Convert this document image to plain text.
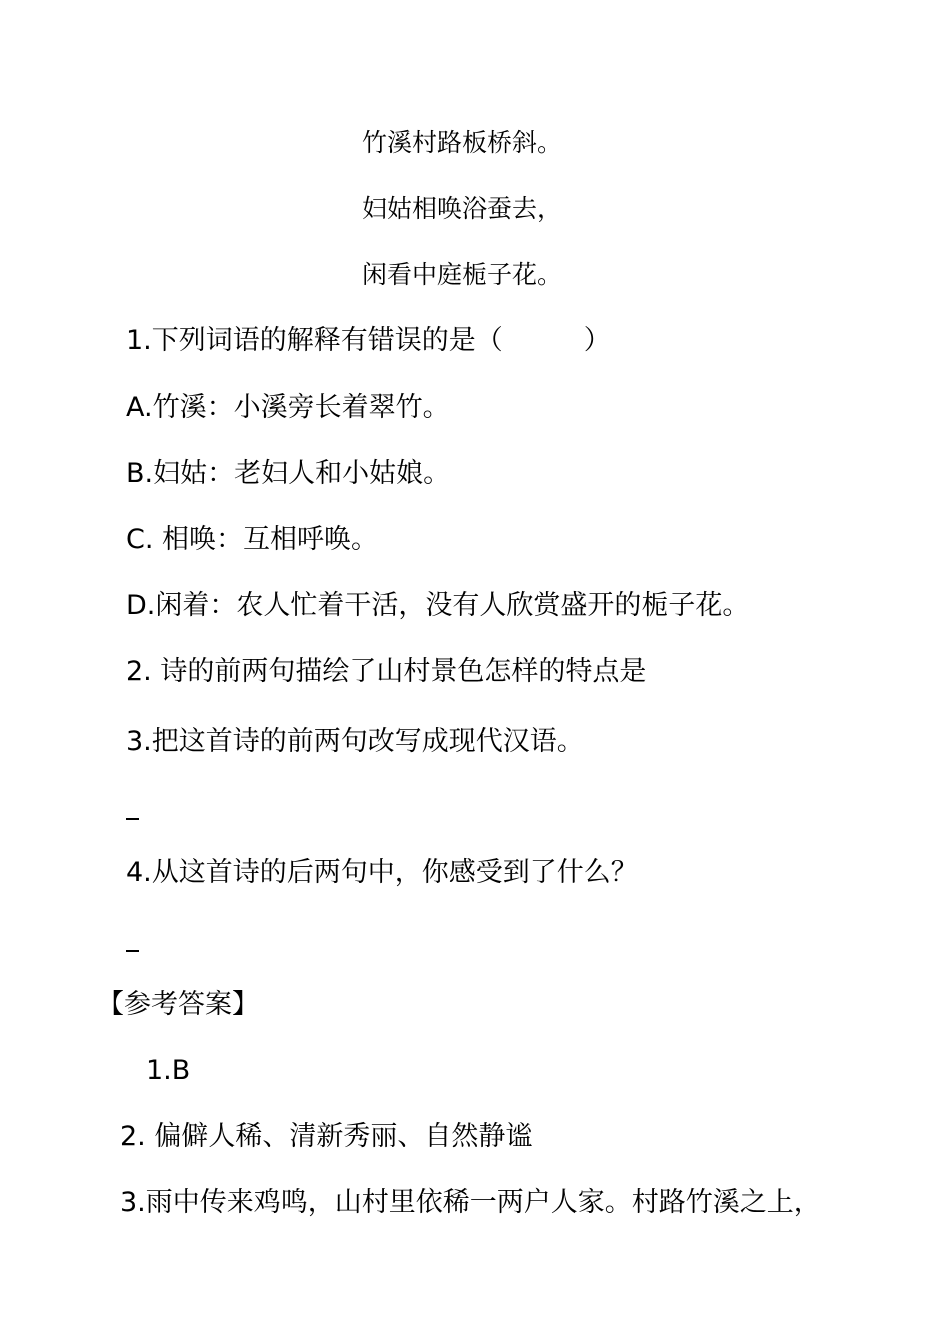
竹溪村路板桥斜。
妇姑相唤浴蚕去，
闲看中庭栀子花。
1.下列词语的解释有错误的是（　　　）
A.竹溪：小溪旁长着翠竹。
B.妇姑：老妇人和小姑娘。
C. 相唤：互相呼唤。
D.闲着：农人忙着干活，没有人欣赏盛开的栀子花。
2. 诗的前两句描绘了山村景色怎样的特点是
3.把这首诗的前两句改写成现代汉语。
4.从这首诗的后两句中，你感受到了什么？
【参考答案】
1.B
2. 偏僻人稀、清新秀丽、自然静谧
3.雨中传来鸡鸣，山村里依稀一两户人家。村路竹溪之上，
